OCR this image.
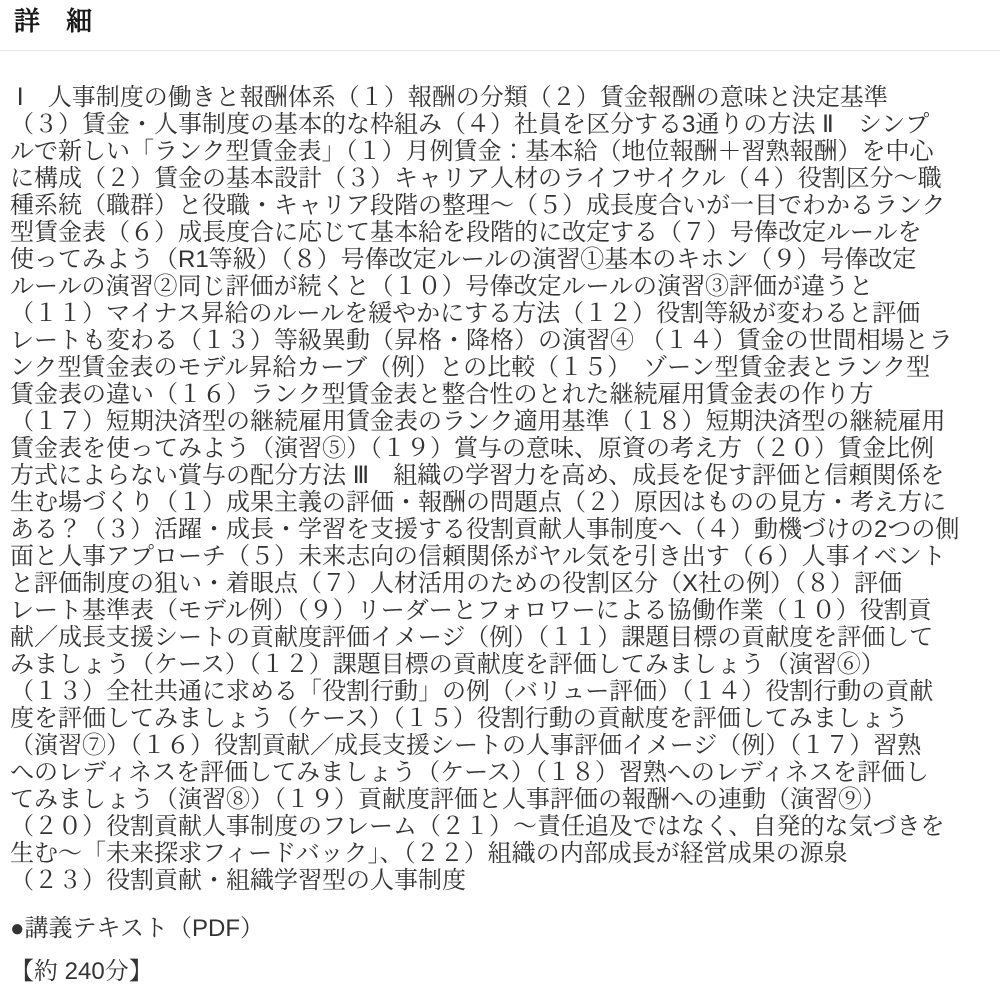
詳　細
Ⅰ　人事制度の働きと報酬体系（１）報酬の分類（２）賃金報酬の意味と決定基準
（３）賃金・人事制度の基本的な枠組み（４）社員を区分する3通りの方法 Ⅱ　シンプ
ルで新しい「ランク型賃金表」（１）月例賃金：基本給（地位報酬＋習熟報酬）を中心
に構成（２）賃金の基本設計（３）キャリア人材のライフサイクル（４）役割区分～職
種系統（職群）と役職・キャリア段階の整理～（５）成長度合いが一目でわかるランク
型賃金表（６）成長度合に応じて基本給を段階的に改定する（７）号俸改定ルールを
使ってみよう（R1等級）（８）号俸改定ルールの演習①基本のキホン（９）号俸改定
ルールの演習②同じ評価が続くと（１０）号俸改定ルールの演習③評価が違うと
（１１）マイナス昇給のルールを緩やかにする方法（１２）役割等級が変わると評価
レートも変わる（１３）等級異動（昇格・降格）の演習④ （１４）賃金の世間相場とラ
ンク型賃金表のモデル昇給カーブ（例）との比較（１５）　ゾーン型賃金表とランク型
賃金表の違い（１６）ランク型賃金表と整合性のとれた継続雇用賃金表の作り方
（１７）短期決済型の継続雇用賃金表のランク適用基準（１８）短期決済型の継続雇用
賃金表を使ってみよう（演習⑤）（１９）賞与の意味、原資の考え方（２０）賃金比例
方式によらない賞与の配分方法 Ⅲ　組織の学習力を高め、成長を促す評価と信頼関係を
生む場づくり（１）成果主義の評価・報酬の問題点（２）原因はものの見方・考え方に
ある？（３）活躍・成長・学習を支援する役割貢献人事制度へ（４）動機づけの2つの側
面と人事アプローチ（５）未来志向の信頼関係がヤル気を引き出す（６）人事イベント
と評価制度の狙い・着眼点（７）人材活用のための役割区分（X社の例）（８）評価
レート基準表（モデル例）（９）リーダーとフォロワーによる協働作業（１０）役割貢
献／成長支援シートの貢献度評価イメージ（例）（１１）課題目標の貢献度を評価して
みましょう（ケース）（１２）課題目標の貢献度を評価してみましょう（演習⑥）
（１３）全社共通に求める「役割行動」の例（バリュー評価）（１４）役割行動の貢献
度を評価してみましょう（ケース）（１５）役割行動の貢献度を評価してみましょう
（演習⑦）（１６）役割貢献／成長支援シートの人事評価イメージ（例）（１７）習熟
へのレディネスを評価してみましょう（ケース）（１８）習熟へのレディネスを評価し
てみましょう（演習⑧）（１９）貢献度評価と人事評価の報酬への連動（演習⑨）
（２０）役割貢献人事制度のフレーム（２１）～責任追及ではなく、自発的な気づきを
生む～「未来探求フィードバック」、（２２）組織の内部成長が経営成果の源泉
（２３）役割貢献・組織学習型の人事制度

●講義テキスト（PDF）

【約 240分】
